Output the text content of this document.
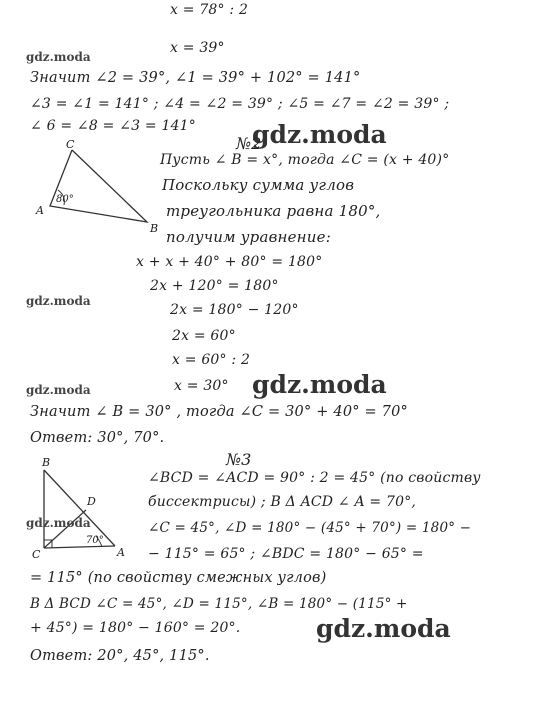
x = 78° : 2
gdz.moda
x = 39°
Значит ∠2 = 39°, ∠1 = 39° + 102° = 141°
∠3 = ∠1 = 141° ; ∠4 = ∠2 = 39° ; ∠5 = ∠7 = ∠2 = 39° ;
∠ 6 = ∠8 = ∠3 = 141° gdz.moda
C
A
B
80°
№2
Пусть ∠ B = x°, тогда ∠C = (x + 40)°
Поскольку сумма углов
треугольника равна 180°,
получим уравнение:
x + x + 40° + 80° = 180°
2x + 120° = 180°
gdz.moda
2x = 180° − 120°
2x = 60°
x = 60° : 2
gdz.moda	x = 30° gdz.moda
Значит ∠ B = 30° , тогда ∠C = 30° + 40° = 70°
Ответ: 30°, 70°.
B
D
C	A
70°
gdz.moda
№3
∠BCD = ∠ACD = 90° : 2 = 45° (по свойству
биссектрисы) ; В Δ ACD ∠ A = 70°,
∠C = 45°, ∠D = 180° − (45° + 70°) = 180° −
− 115° = 65° ; ∠BDC = 180° − 65° =
= 115° (по свойству смежных углов)
В Δ BCD ∠C = 45°, ∠D = 115°, ∠B = 180° − (115° +
+ 45°) = 180° − 160° = 20°.	gdz.moda
Ответ: 20°, 45°, 115°.
